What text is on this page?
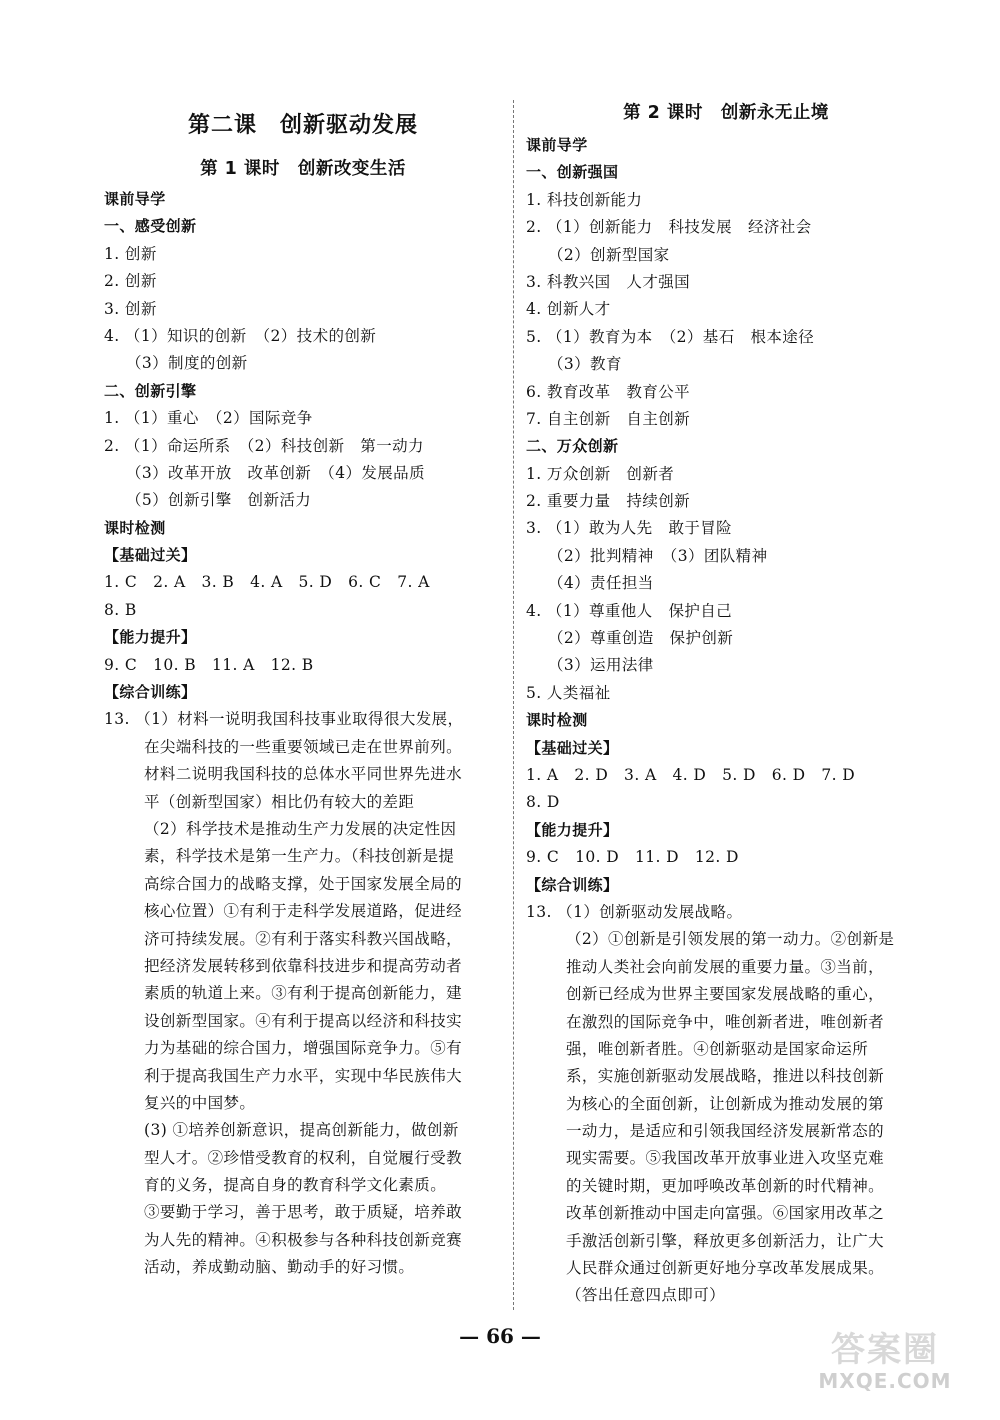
第二课　创新驱动发展
第 1 课时　创新改变生活
课前导学
一、感受创新
1. 创新
2. 创新
3. 创新
4. （1）知识的创新　（2）技术的创新
（3）制度的创新
二、创新引擎
1. （1）重心　（2）国际竞争
2. （1）命运所系　（2）科技创新　第一动力
（3）改革开放　改革创新　（4）发展品质
（5）创新引擎　创新活力
课时检测
【基础过关】
1. C　2. A　3. B　4. A　5. D　6. C　7. A
8. B
【能力提升】
9. C　10. B　11. A　12. B
【综合训练】
13. （1）材料一说明我国科技事业取得很大发展，
在尖端科技的一些重要领域已走在世界前列。
材料二说明我国科技的总体水平同世界先进水
平（创新型国家）相比仍有较大的差距
（2）科学技术是推动生产力发展的决定性因
素，科学技术是第一生产力。（科技创新是提
高综合国力的战略支撑，处于国家发展全局的
核心位置）①有利于走科学发展道路，促进经
济可持续发展。②有利于落实科教兴国战略，
把经济发展转移到依靠科技进步和提高劳动者
素质的轨道上来。③有利于提高创新能力，建
设创新型国家。④有利于提高以经济和科技实
力为基础的综合国力，增强国际竞争力。⑤有
利于提高我国生产力水平，实现中华民族伟大
复兴的中国梦。
(3) ①培养创新意识，提高创新能力，做创新
型人才。②珍惜受教育的权利，自觉履行受教
育的义务，提高自身的教育科学文化素质。
③要勤于学习，善于思考，敢于质疑，培养敢
为人先的精神。④积极参与各种科技创新竞赛
活动，养成勤动脑、勤动手的好习惯。
第 2 课时　创新永无止境
课前导学
一、创新强国
1. 科技创新能力
2. （1）创新能力　科技发展　经济社会
（2）创新型国家
3. 科教兴国　人才强国
4. 创新人才
5. （1）教育为本　（2）基石　根本途径
（3）教育
6. 教育改革　教育公平
7. 自主创新　自主创新
二、万众创新
1. 万众创新　创新者
2. 重要力量　持续创新
3. （1）敢为人先　敢于冒险
（2）批判精神　（3）团队精神
（4）责任担当
4. （1）尊重他人　保护自己
（2）尊重创造　保护创新
（3）运用法律
5. 人类福祉
课时检测
【基础过关】
1. A　2. D　3. A　4. D　5. D　6. D　7. D
8. D
【能力提升】
9. C　10. D　11. D　12. D
【综合训练】
13. （1）创新驱动发展战略。
（2）①创新是引领发展的第一动力。②创新是
推动人类社会向前发展的重要力量。③当前，
创新已经成为世界主要国家发展战略的重心，
在激烈的国际竞争中，唯创新者进，唯创新者
强，唯创新者胜。④创新驱动是国家命运所
系，实施创新驱动发展战略，推进以科技创新
为核心的全面创新，让创新成为推动发展的第
一动力，是适应和引领我国经济发展新常态的
现实需要。⑤我国改革开放事业进入攻坚克难
的关键时期，更加呼唤改革创新的时代精神。
改革创新推动中国走向富强。⑥国家用改革之
手激活创新引擎，释放更多创新活力，让广大
人民群众通过创新更好地分享改革发展成果。
（答出任意四点即可）
— 66 —	答案圈
MXQE.COM
